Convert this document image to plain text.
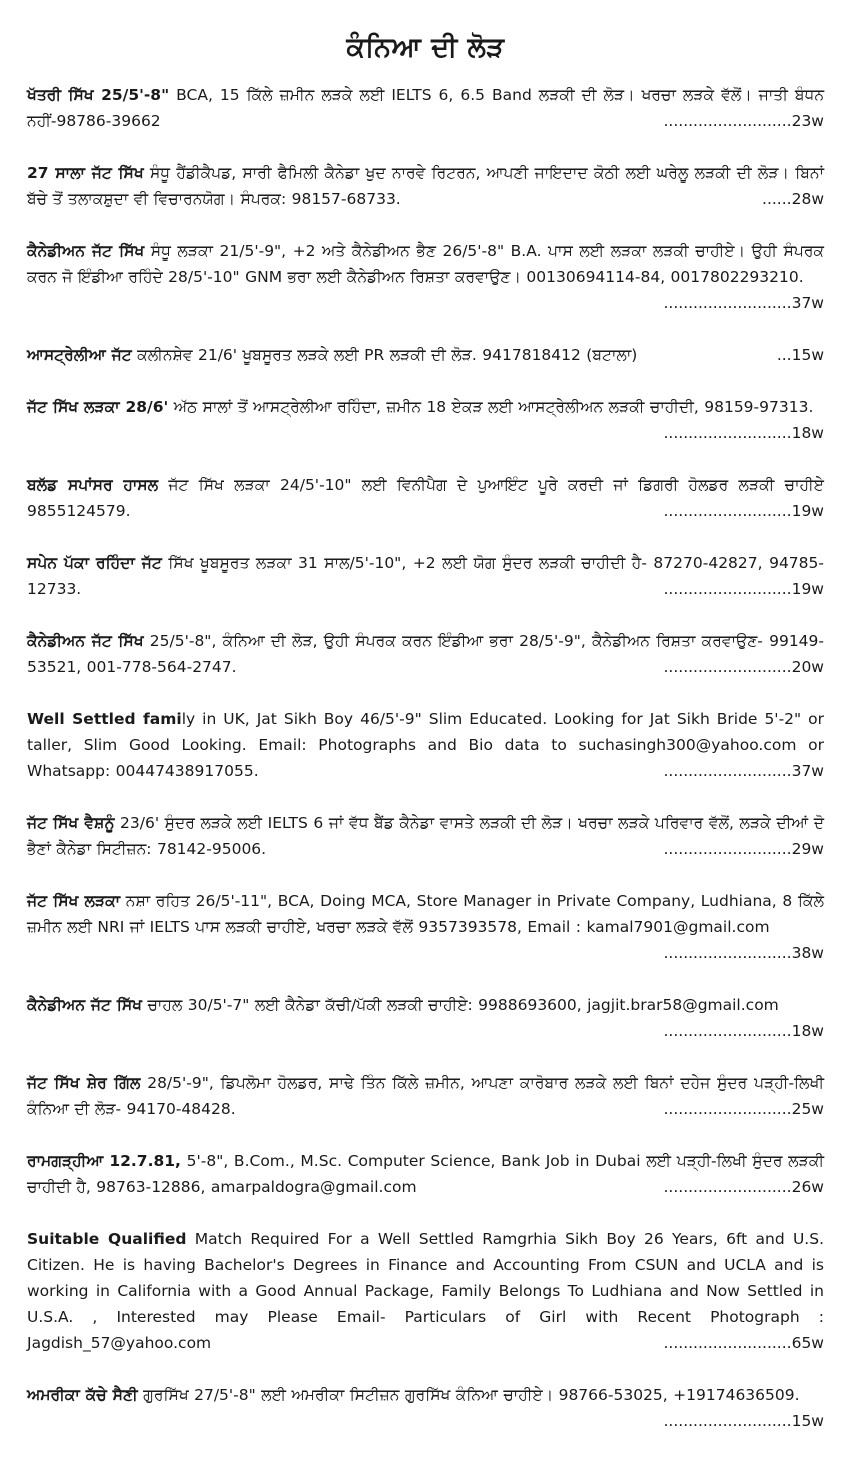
ਕੰਨਿਆ ਦੀ ਲੋੜ
ਖੱਤਰੀ ਸਿੱਖ 25/5'-8" BCA, 15 ਕਿੱਲੇ ਜ਼ਮੀਨ ਲੜਕੇ ਲਈ IELTS 6, 6.5 Band ਲੜਕੀ ਦੀ ਲੋੜ। ਖਰਚਾ ਲੜਕੇ ਵੱਲੋਂ। ਜਾਤੀ ਬੰਧਨ ਨਹੀਂ-98786-39662	..........................23w
27 ਸਾਲਾ ਜੱਟ ਸਿੱਖ ਸੰਧੂ ਹੈਂਡੀਕੈਪਡ, ਸਾਰੀ ਫੈਮਿਲੀ ਕੈਨੇਡਾ ਖੁਦ ਨਾਰਵੇ ਰਿਟਰਨ, ਆਪਣੀ ਜਾਇਦਾਦ ਕੋਠੀ ਲਈ ਘਰੇਲੂ ਲੜਕੀ ਦੀ ਲੋੜ। ਬਿਨਾਂ ਬੱਚੇ ਤੋਂ ਤਲਾਕਸ਼ੁਦਾ ਵੀ ਵਿਚਾਰਨਯੋਗ। ਸੰਪਰਕ: 98157-68733.	......28w
ਕੈਨੇਡੀਅਨ ਜੱਟ ਸਿੱਖ ਸੰਧੂ ਲੜਕਾ 21/5'-9", +2 ਅਤੇ ਕੈਨੇਡੀਅਨ ਭੈਣ 26/5'-8" B.A. ਪਾਸ ਲਈ ਲੜਕਾ ਲੜਕੀ ਚਾਹੀਏ। ਉਹੀ ਸੰਪਰਕ ਕਰਨ ਜੋ ਇੰਡੀਆ ਰਹਿੰਦੇ 28/5'-10" GNM ਭਰਾ ਲਈ ਕੈਨੇਡੀਅਨ ਰਿਸ਼ਤਾ ਕਰਵਾਉਣ। 00130694114-84, 0017802293210.
..........................37w
ਆਸਟ੍ਰੇਲੀਆ ਜੱਟ ਕਲੀਨਸ਼ੇਵ 21/6' ਖੂਬਸੂਰਤ ਲੜਕੇ ਲਈ PR ਲੜਕੀ ਦੀ ਲੋੜ. 9417818412 (ਬਟਾਲਾ)	...15w
ਜੱਟ ਸਿੱਖ ਲੜਕਾ 28/6' ਅੱਠ ਸਾਲਾਂ ਤੋਂ ਆਸਟ੍ਰੇਲੀਆ ਰਹਿੰਦਾ, ਜ਼ਮੀਨ 18 ਏਕੜ ਲਈ ਆਸਟ੍ਰੇਲੀਅਨ ਲੜਕੀ ਚਾਹੀਦੀ, 98159-97313.
..........................18w
ਬਲੱਡ ਸਪਾਂਸਰ ਹਾਸਲ ਜੱਟ ਸਿੱਖ ਲੜਕਾ 24/5'-10" ਲਈ ਵਿਨੀਪੈਗ ਦੇ ਪੁਆਇੰਟ ਪੂਰੇ ਕਰਦੀ ਜਾਂ ਡਿਗਰੀ ਹੋਲਡਰ ਲੜਕੀ ਚਾਹੀਏ 9855124579.	..........................19w
ਸਪੇਨ ਪੱਕਾ ਰਹਿੰਦਾ ਜੱਟ ਸਿੱਖ ਖੂਬਸੂਰਤ ਲੜਕਾ 31 ਸਾਲ/5'-10", +2 ਲਈ ਯੋਗ ਸੁੰਦਰ ਲੜਕੀ ਚਾਹੀਦੀ ਹੈ- 87270-42827, 94785-12733.	..........................19w
ਕੈਨੇਡੀਅਨ ਜੱਟ ਸਿੱਖ 25/5'-8", ਕੰਨਿਆ ਦੀ ਲੋੜ, ਉਹੀ ਸੰਪਰਕ ਕਰਨ ਇੰਡੀਆ ਭਰਾ 28/5'-9", ਕੈਨੇਡੀਅਨ ਰਿਸ਼ਤਾ ਕਰਵਾਉਣ- 99149-53521, 001-778-564-2747.	..........................20w
Well Settled family in UK, Jat Sikh Boy 46/5'-9" Slim Educated. Looking for Jat Sikh Bride 5'-2" or taller, Slim Good Looking. Email: Photographs and Bio data to suchasingh300@yahoo.com or Whatsapp: 00447438917055.	..........................37w
ਜੱਟ ਸਿੱਖ ਵੈਸ਼ਨੂੰ 23/6' ਸੁੰਦਰ ਲੜਕੇ ਲਈ IELTS 6 ਜਾਂ ਵੱਧ ਬੈਂਡ ਕੈਨੇਡਾ ਵਾਸਤੇ ਲੜਕੀ ਦੀ ਲੋੜ। ਖਰਚਾ ਲੜਕੇ ਪਰਿਵਾਰ ਵੱਲੋਂ, ਲੜਕੇ ਦੀਆਂ ਦੋ ਭੈਣਾਂ ਕੈਨੇਡਾ ਸਿਟੀਜ਼ਨ: 78142-95006.	..........................29w
ਜੱਟ ਸਿੱਖ ਲੜਕਾ ਨਸ਼ਾ ਰਹਿਤ 26/5'-11", BCA, Doing MCA, Store Manager in Private Company, Ludhiana, 8 ਕਿੱਲੇ ਜ਼ਮੀਨ ਲਈ NRI ਜਾਂ IELTS ਪਾਸ ਲੜਕੀ ਚਾਹੀਏ, ਖਰਚਾ ਲੜਕੇ ਵੱਲੋਂ 9357393578, Email : kamal7901@gmail.com
..........................38w
ਕੈਨੇਡੀਅਨ ਜੱਟ ਸਿੱਖ ਚਾਹਲ 30/5'-7" ਲਈ ਕੈਨੇਡਾ ਕੱਚੀ/ਪੱਕੀ ਲੜਕੀ ਚਾਹੀਏ: 9988693600, jagjit.brar58@gmail.com
..........................18w
ਜੱਟ ਸਿੱਖ ਸ਼ੇਰ ਗਿੱਲ 28/5'-9", ਡਿਪਲੋਮਾ ਹੋਲਡਰ, ਸਾਢੇ ਤਿੰਨ ਕਿੱਲੇ ਜ਼ਮੀਨ, ਆਪਣਾ ਕਾਰੋਬਾਰ ਲੜਕੇ ਲਈ ਬਿਨਾਂ ਦਹੇਜ ਸੁੰਦਰ ਪੜ੍ਹੀ-ਲਿਖੀ ਕੰਨਿਆ ਦੀ ਲੋੜ- 94170-48428.	..........................25w
ਰਾਮਗੜ੍ਹੀਆ 12.7.81, 5'-8", B.Com., M.Sc. Computer Science, Bank Job in Dubai ਲਈ ਪੜ੍ਹੀ-ਲਿਖੀ ਸੁੰਦਰ ਲੜਕੀ ਚਾਹੀਦੀ ਹੈ, 98763-12886, amarpaldogra@gmail.com	..........................26w
Suitable Qualified Match Required For a Well Settled Ramgrhia Sikh Boy 26 Years, 6ft and U.S. Citizen. He is having Bachelor's Degrees in Finance and Accounting From CSUN and UCLA and is working in California with a Good Annual Package, Family Belongs To Ludhiana and Now Settled in U.S.A. , Interested may Please Email- Particulars of Girl with Recent Photograph : Jagdish_57@yahoo.com	..........................65w
ਅਮਰੀਕਾ ਕੱਚੇ ਸੈਣੀ ਗੁਰਸਿੱਖ 27/5'-8" ਲਈ ਅਮਰੀਕਾ ਸਿਟੀਜ਼ਨ ਗੁਰਸਿੱਖ ਕੰਨਿਆ ਚਾਹੀਏ। 98766-53025, +19174636509.
..........................15w
